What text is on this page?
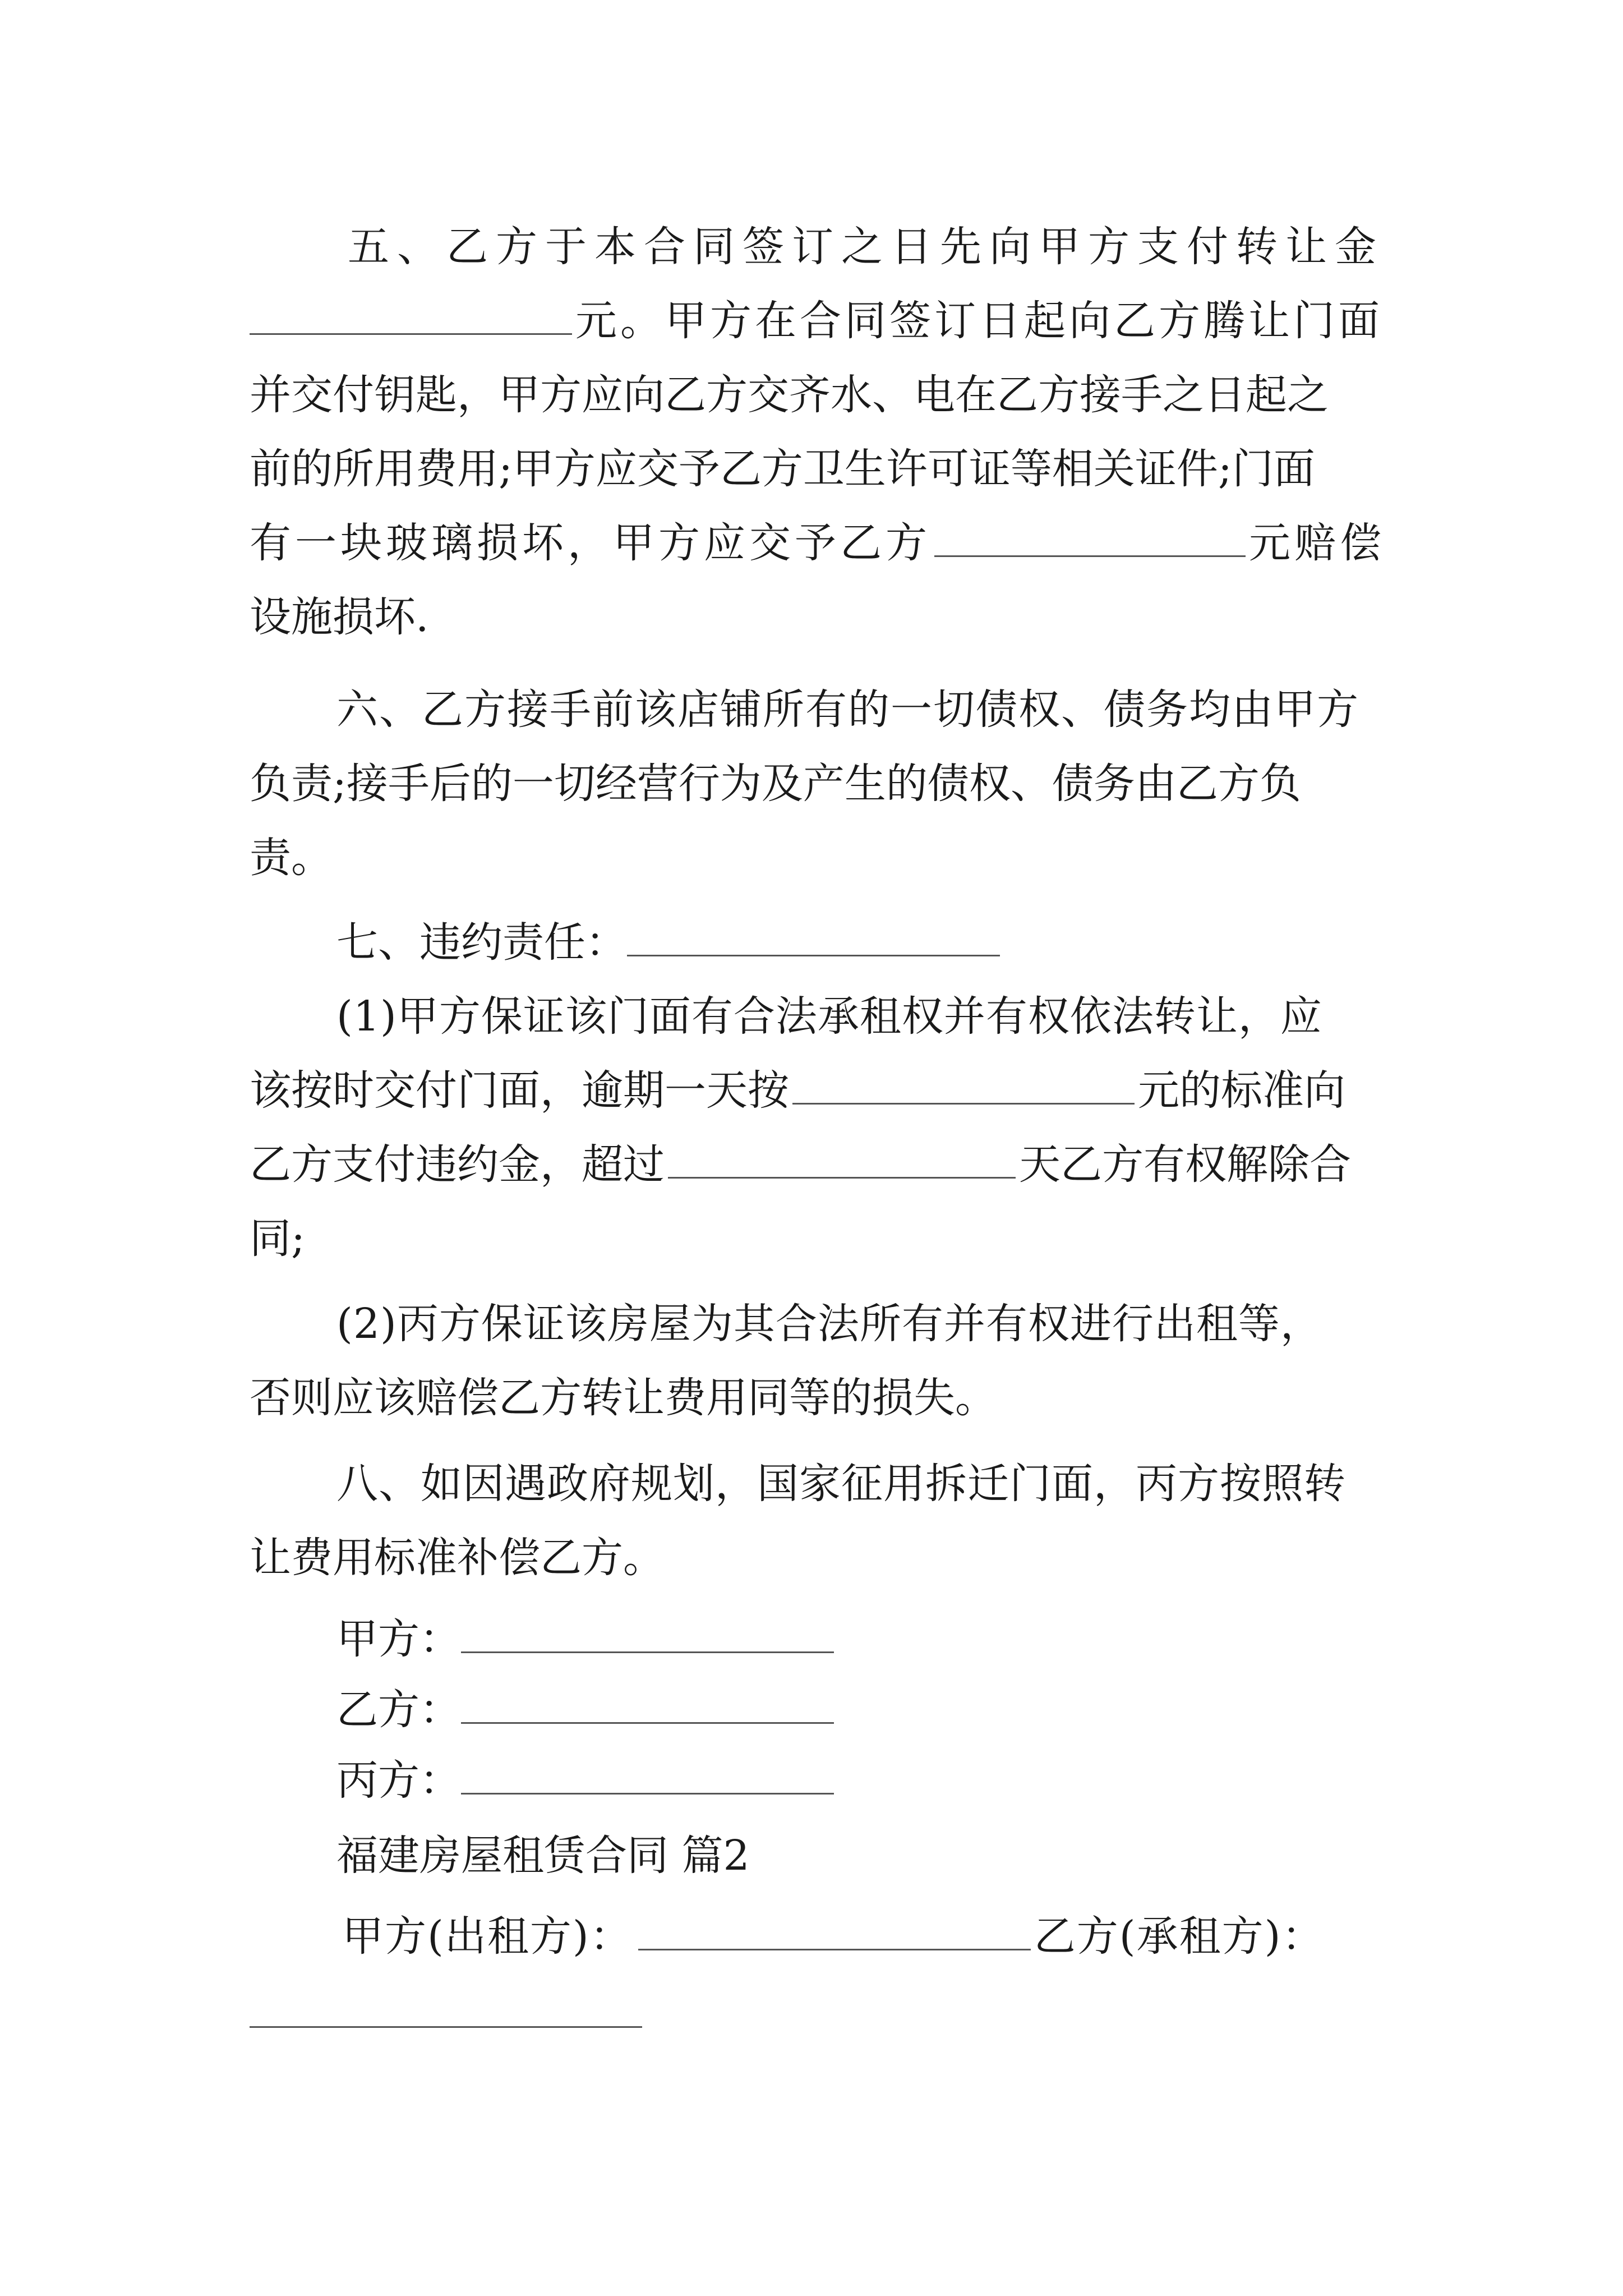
五、乙方于本合同签订之日先向甲方支付转让金
元。甲方在合同签订日起向乙方腾让门面
并交付钥匙，甲方应向乙方交齐水、电在乙方接手之日起之
前的所用费用;甲方应交予乙方卫生许可证等相关证件;门面
有一块玻璃损坏，甲方应交予乙方	元赔偿
设施损坏.
六、乙方接手前该店铺所有的一切债权、债务均由甲方
负责;接手后的一切经营行为及产生的债权、债务由乙方负
责。
七、违约责任：
(1)甲方保证该门面有合法承租权并有权依法转让，应
该按时交付门面，逾期一天按	元的标准向
乙方支付违约金，超过	天乙方有权解除合
同;
(2)丙方保证该房屋为其合法所有并有权进行出租等，
否则应该赔偿乙方转让费用同等的损失。
八、如因遇政府规划，国家征用拆迁门面，丙方按照转
让费用标准补偿乙方。
甲方：
乙方：
丙方：
福建房屋租赁合同 篇2
甲方(出租方)：	乙方(承租方)：
